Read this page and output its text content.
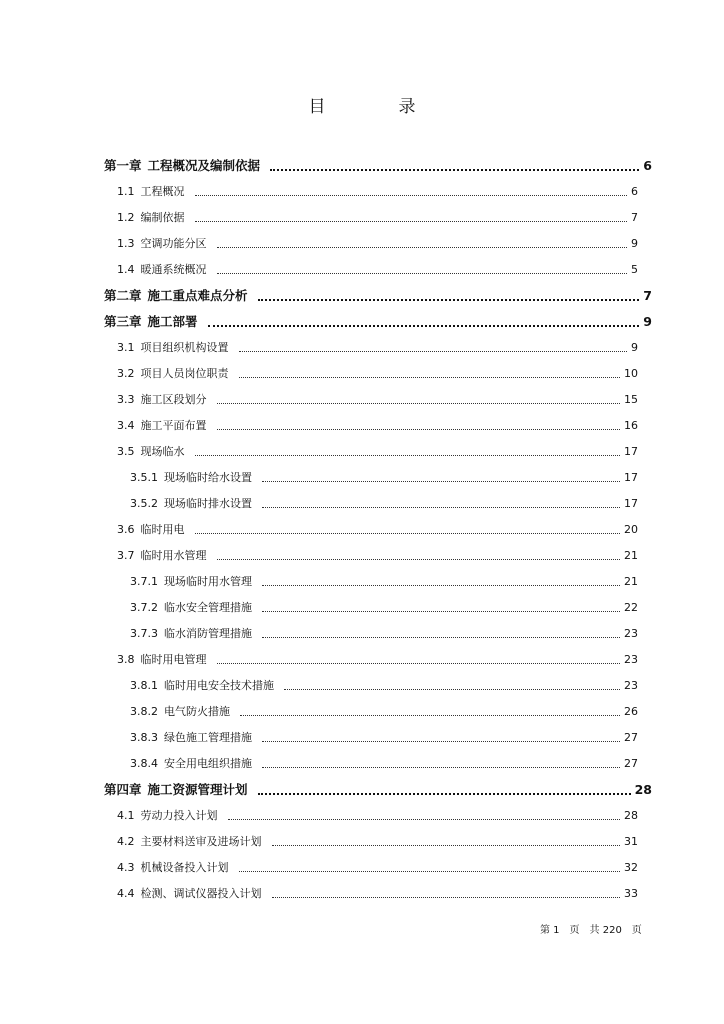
目　录
第一章 工程概况及编制依据	6
1.1 工程概况	6
1.2 编制依据	7
1.3 空调功能分区	9
1.4 暖通系统概况	5
第二章 施工重点难点分析	7
第三章 施工部署	9
3.1 项目组织机构设置	9
3.2 项目人员岗位职责	10
3.3 施工区段划分	15
3.4 施工平面布置	16
3.5 现场临水	17
3.5.1 现场临时给水设置	17
3.5.2 现场临时排水设置	17
3.6 临时用电	20
3.7 临时用水管理	21
3.7.1 现场临时用水管理	21
3.7.2 临水安全管理措施	22
3.7.3 临水消防管理措施	23
3.8 临时用电管理	23
3.8.1 临时用电安全技术措施	23
3.8.2 电气防火措施	26
3.8.3 绿色施工管理措施	27
3.8.4 安全用电组织措施	27
第四章 施工资源管理计划	28
4.1 劳动力投入计划	28
4.2 主要材料送审及进场计划	31
4.3 机械设备投入计划	32
4.4 检测、调试仪器投入计划	33
第 1　页　共 220　页
